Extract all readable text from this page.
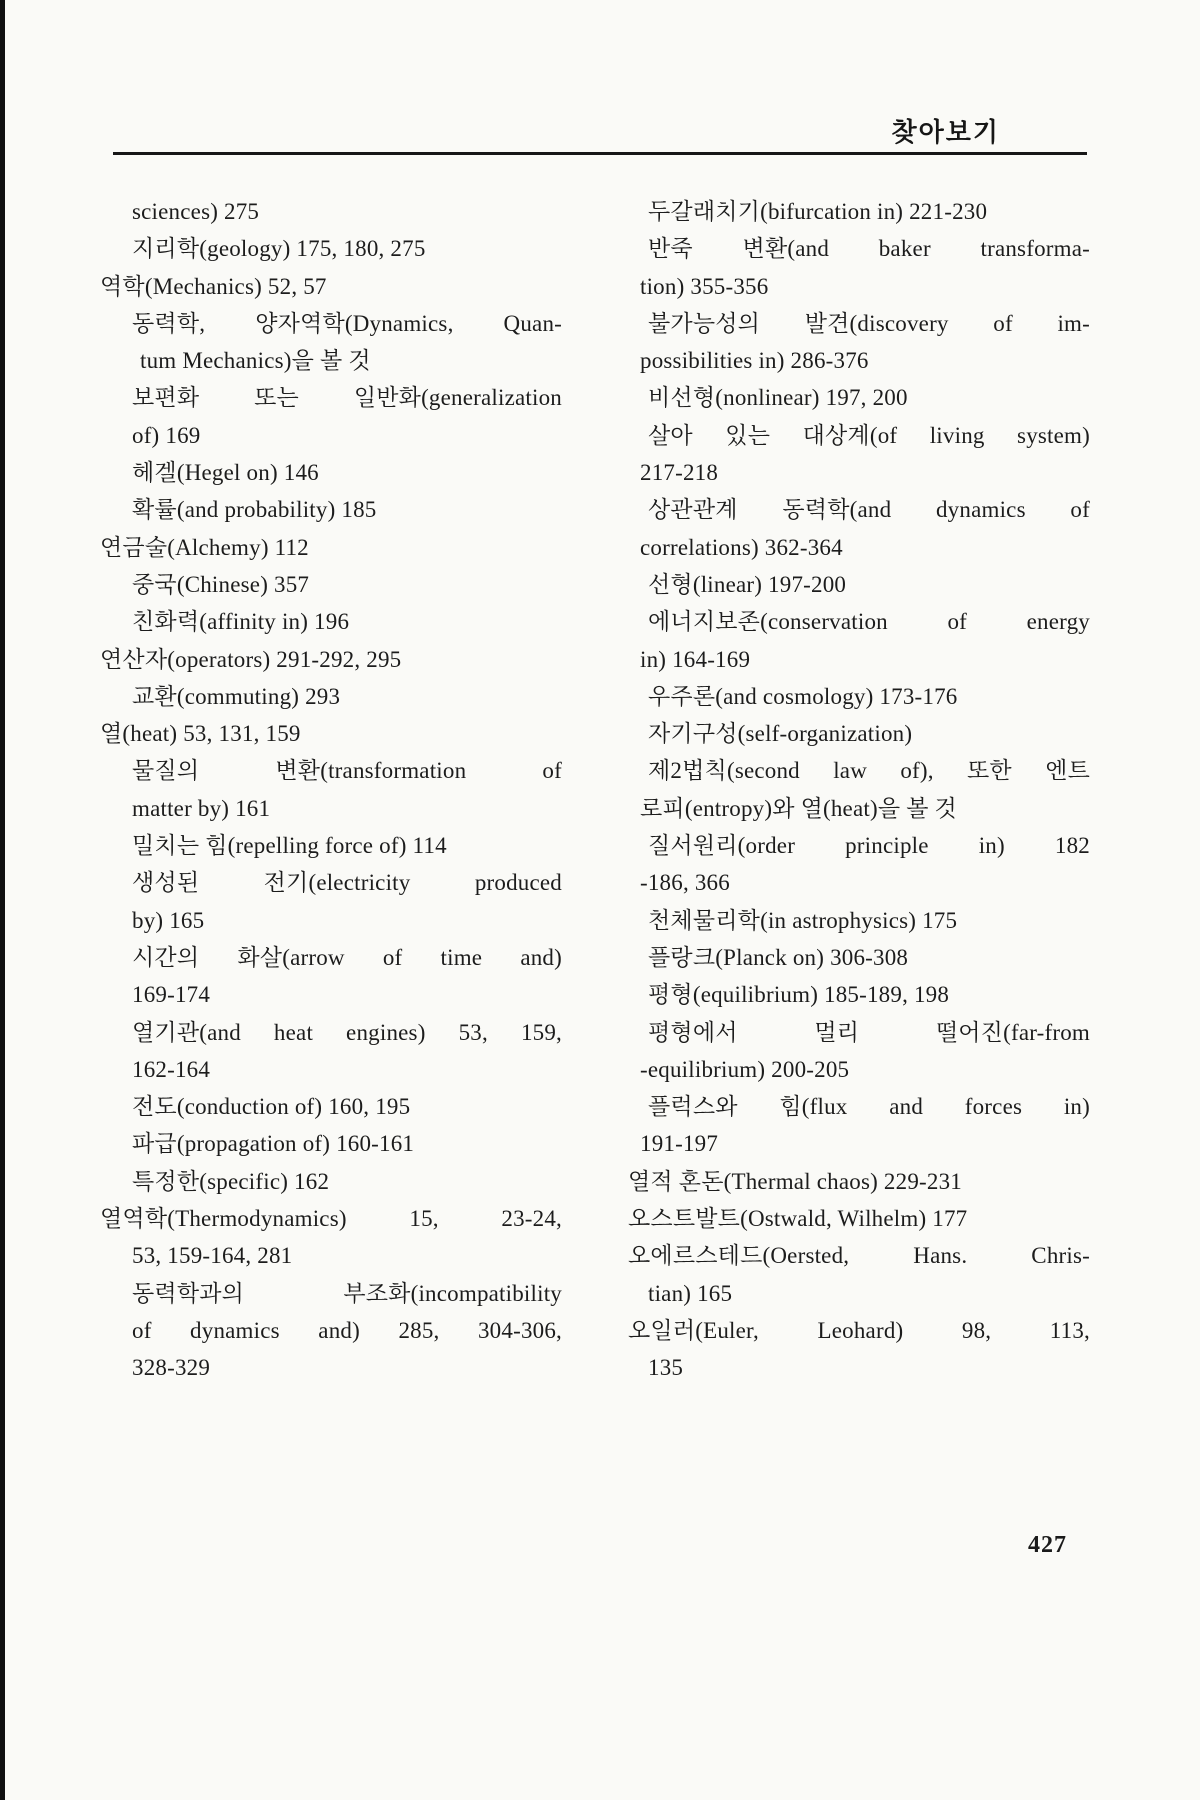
찾아보기
sciences) 275
지리학(geology) 175, 180, 275
역학(Mechanics) 52, 57
동력학, 양자역학(Dynamics, Quan-
tum Mechanics)을 볼 것
보편화 또는 일반화(generalization
of) 169
헤겔(Hegel on) 146
확률(and probability) 185
연금술(Alchemy) 112
중국(Chinese) 357
친화력(affinity in) 196
연산자(operators) 291-292, 295
교환(commuting) 293
열(heat) 53, 131, 159
물질의 변환(transformation of
matter by) 161
밀치는 힘(repelling force of) 114
생성된 전기(electricity produced
by) 165
시간의 화살(arrow of time and)
169-174
열기관(and heat engines) 53, 159,
162-164
전도(conduction of) 160, 195
파급(propagation of) 160-161
특정한(specific) 162
열역학(Thermodynamics) 15, 23-24,
53, 159-164, 281
동력학과의 부조화(incompatibility
of dynamics and) 285, 304-306,
328-329
두갈래치기(bifurcation in) 221-230
반죽 변환(and baker transforma-
tion) 355-356
불가능성의 발견(discovery of im-
possibilities in) 286-376
비선형(nonlinear) 197, 200
살아 있는 대상계(of living system)
217-218
상관관계 동력학(and dynamics of
correlations) 362-364
선형(linear) 197-200
에너지보존(conservation of energy
in) 164-169
우주론(and cosmology) 173-176
자기구성(self-organization)
제2법칙(second law of), 또한 엔트
로피(entropy)와 열(heat)을 볼 것
질서원리(order principle in) 182
-186, 366
천체물리학(in astrophysics) 175
플랑크(Planck on) 306-308
평형(equilibrium) 185-189, 198
평형에서 멀리 떨어진(far-from
-equilibrium) 200-205
플럭스와 힘(flux and forces in)
191-197
열적 혼돈(Thermal chaos) 229-231
오스트발트(Ostwald, Wilhelm) 177
오에르스테드(Oersted, Hans. Chris-
tian) 165
오일러(Euler, Leohard) 98, 113,
135
427
